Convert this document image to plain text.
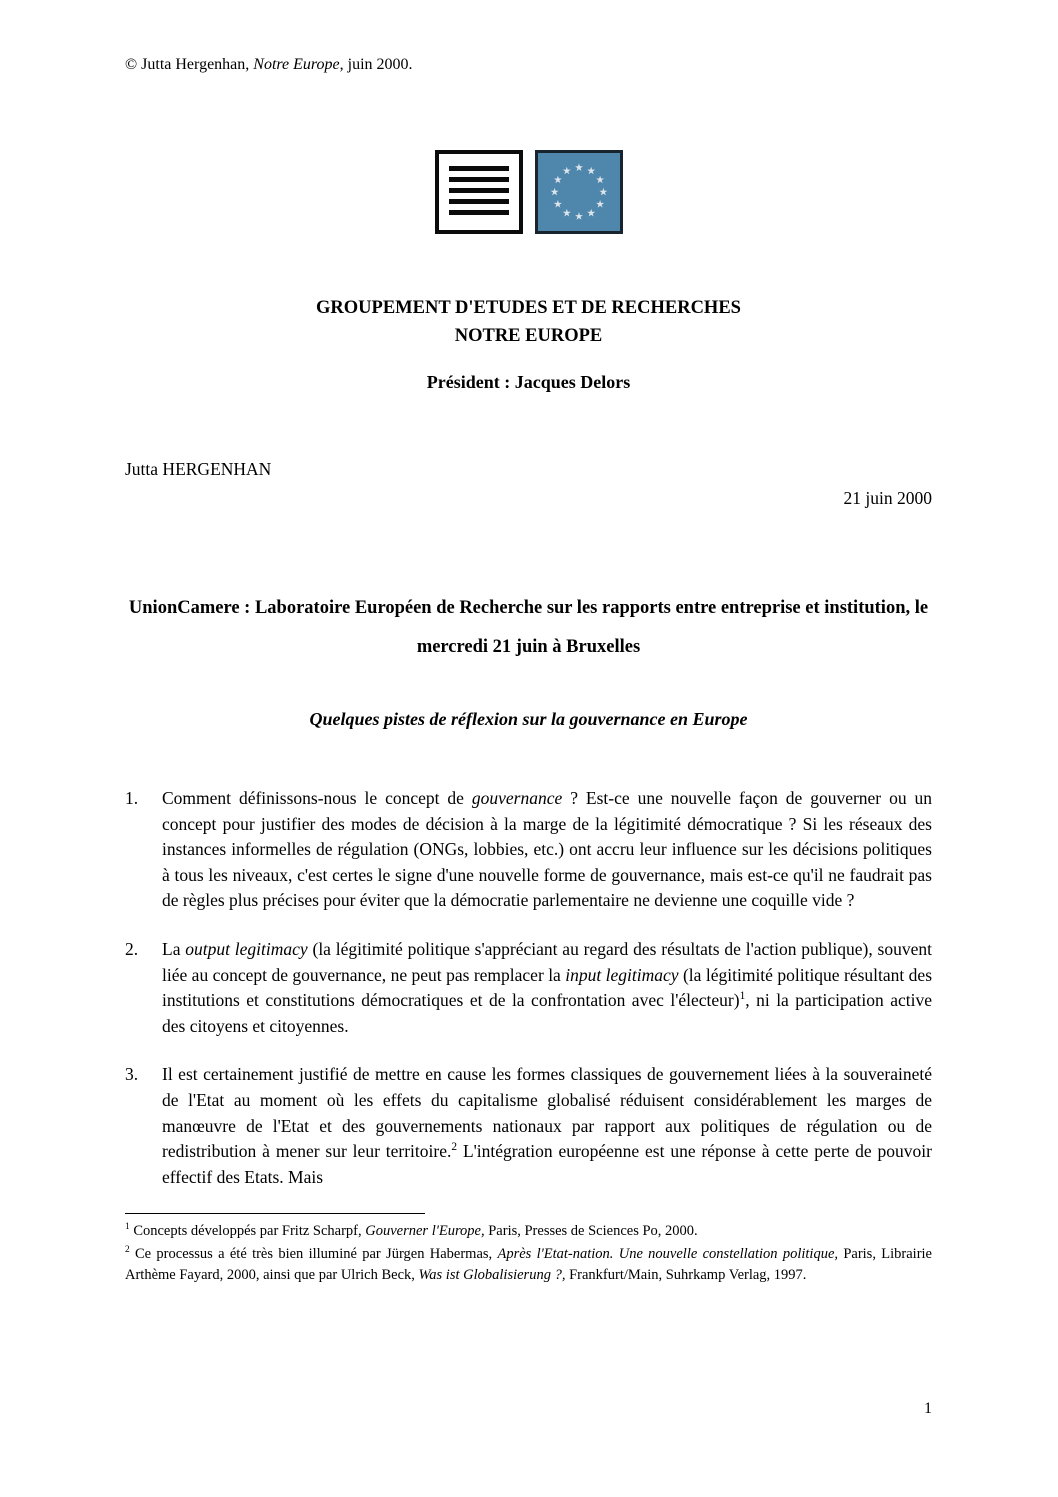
© Jutta Hergenhan, Notre Europe, juin 2000.
GROUPEMENT D'ETUDES ET DE RECHERCHES
NOTRE EUROPE
Président : Jacques Delors
Jutta HERGENHAN
21 juin 2000
UnionCamere : Laboratoire Européen de Recherche sur les rapports entre entreprise et institution, le mercredi 21 juin à Bruxelles
Quelques pistes de réflexion sur la gouvernance en Europe
1. Comment définissons-nous le concept de gouvernance ? Est-ce une nouvelle façon de gouverner ou un concept pour justifier des modes de décision à la marge de la légitimité démocratique ? Si les réseaux des instances informelles de régulation (ONGs, lobbies, etc.) ont accru leur influence sur les décisions politiques à tous les niveaux, c'est certes le signe d'une nouvelle forme de gouvernance, mais est-ce qu'il ne faudrait pas de règles plus précises pour éviter que la démocratie parlementaire ne devienne une coquille vide ?
2. La output legitimacy (la légitimité politique s'appréciant au regard des résultats de l'action publique), souvent liée au concept de gouvernance, ne peut pas remplacer la input legitimacy (la légitimité politique résultant des institutions et constitutions démocratiques et de la confrontation avec l'électeur)$^1$, ni la participation active des citoyens et citoyennes.
3. Il est certainement justifié de mettre en cause les formes classiques de gouvernement liées à la souveraineté de l'Etat au moment où les effets du capitalisme globalisé réduisent considérablement les marges de manœuvre de l'Etat et des gouvernements nationaux par rapport aux politiques de régulation ou de redistribution à mener sur leur territoire.$^2$ L'intégration européenne est une réponse à cette perte de pouvoir effectif des Etats. Mais

$^1$ Concepts développés par Fritz Scharpf, Gouverner l'Europe, Paris, Presses de Sciences Po, 2000.

$^2$ Ce processus a été très bien illuminé par Jürgen Habermas, Après l'Etat-nation. Une nouvelle constellation politique, Paris, Librairie Arthème Fayard, 2000, ainsi que par Ulrich Beck, Was ist Globalisierung ?, Frankfurt/Main, Suhrkamp Verlag, 1997.

1
